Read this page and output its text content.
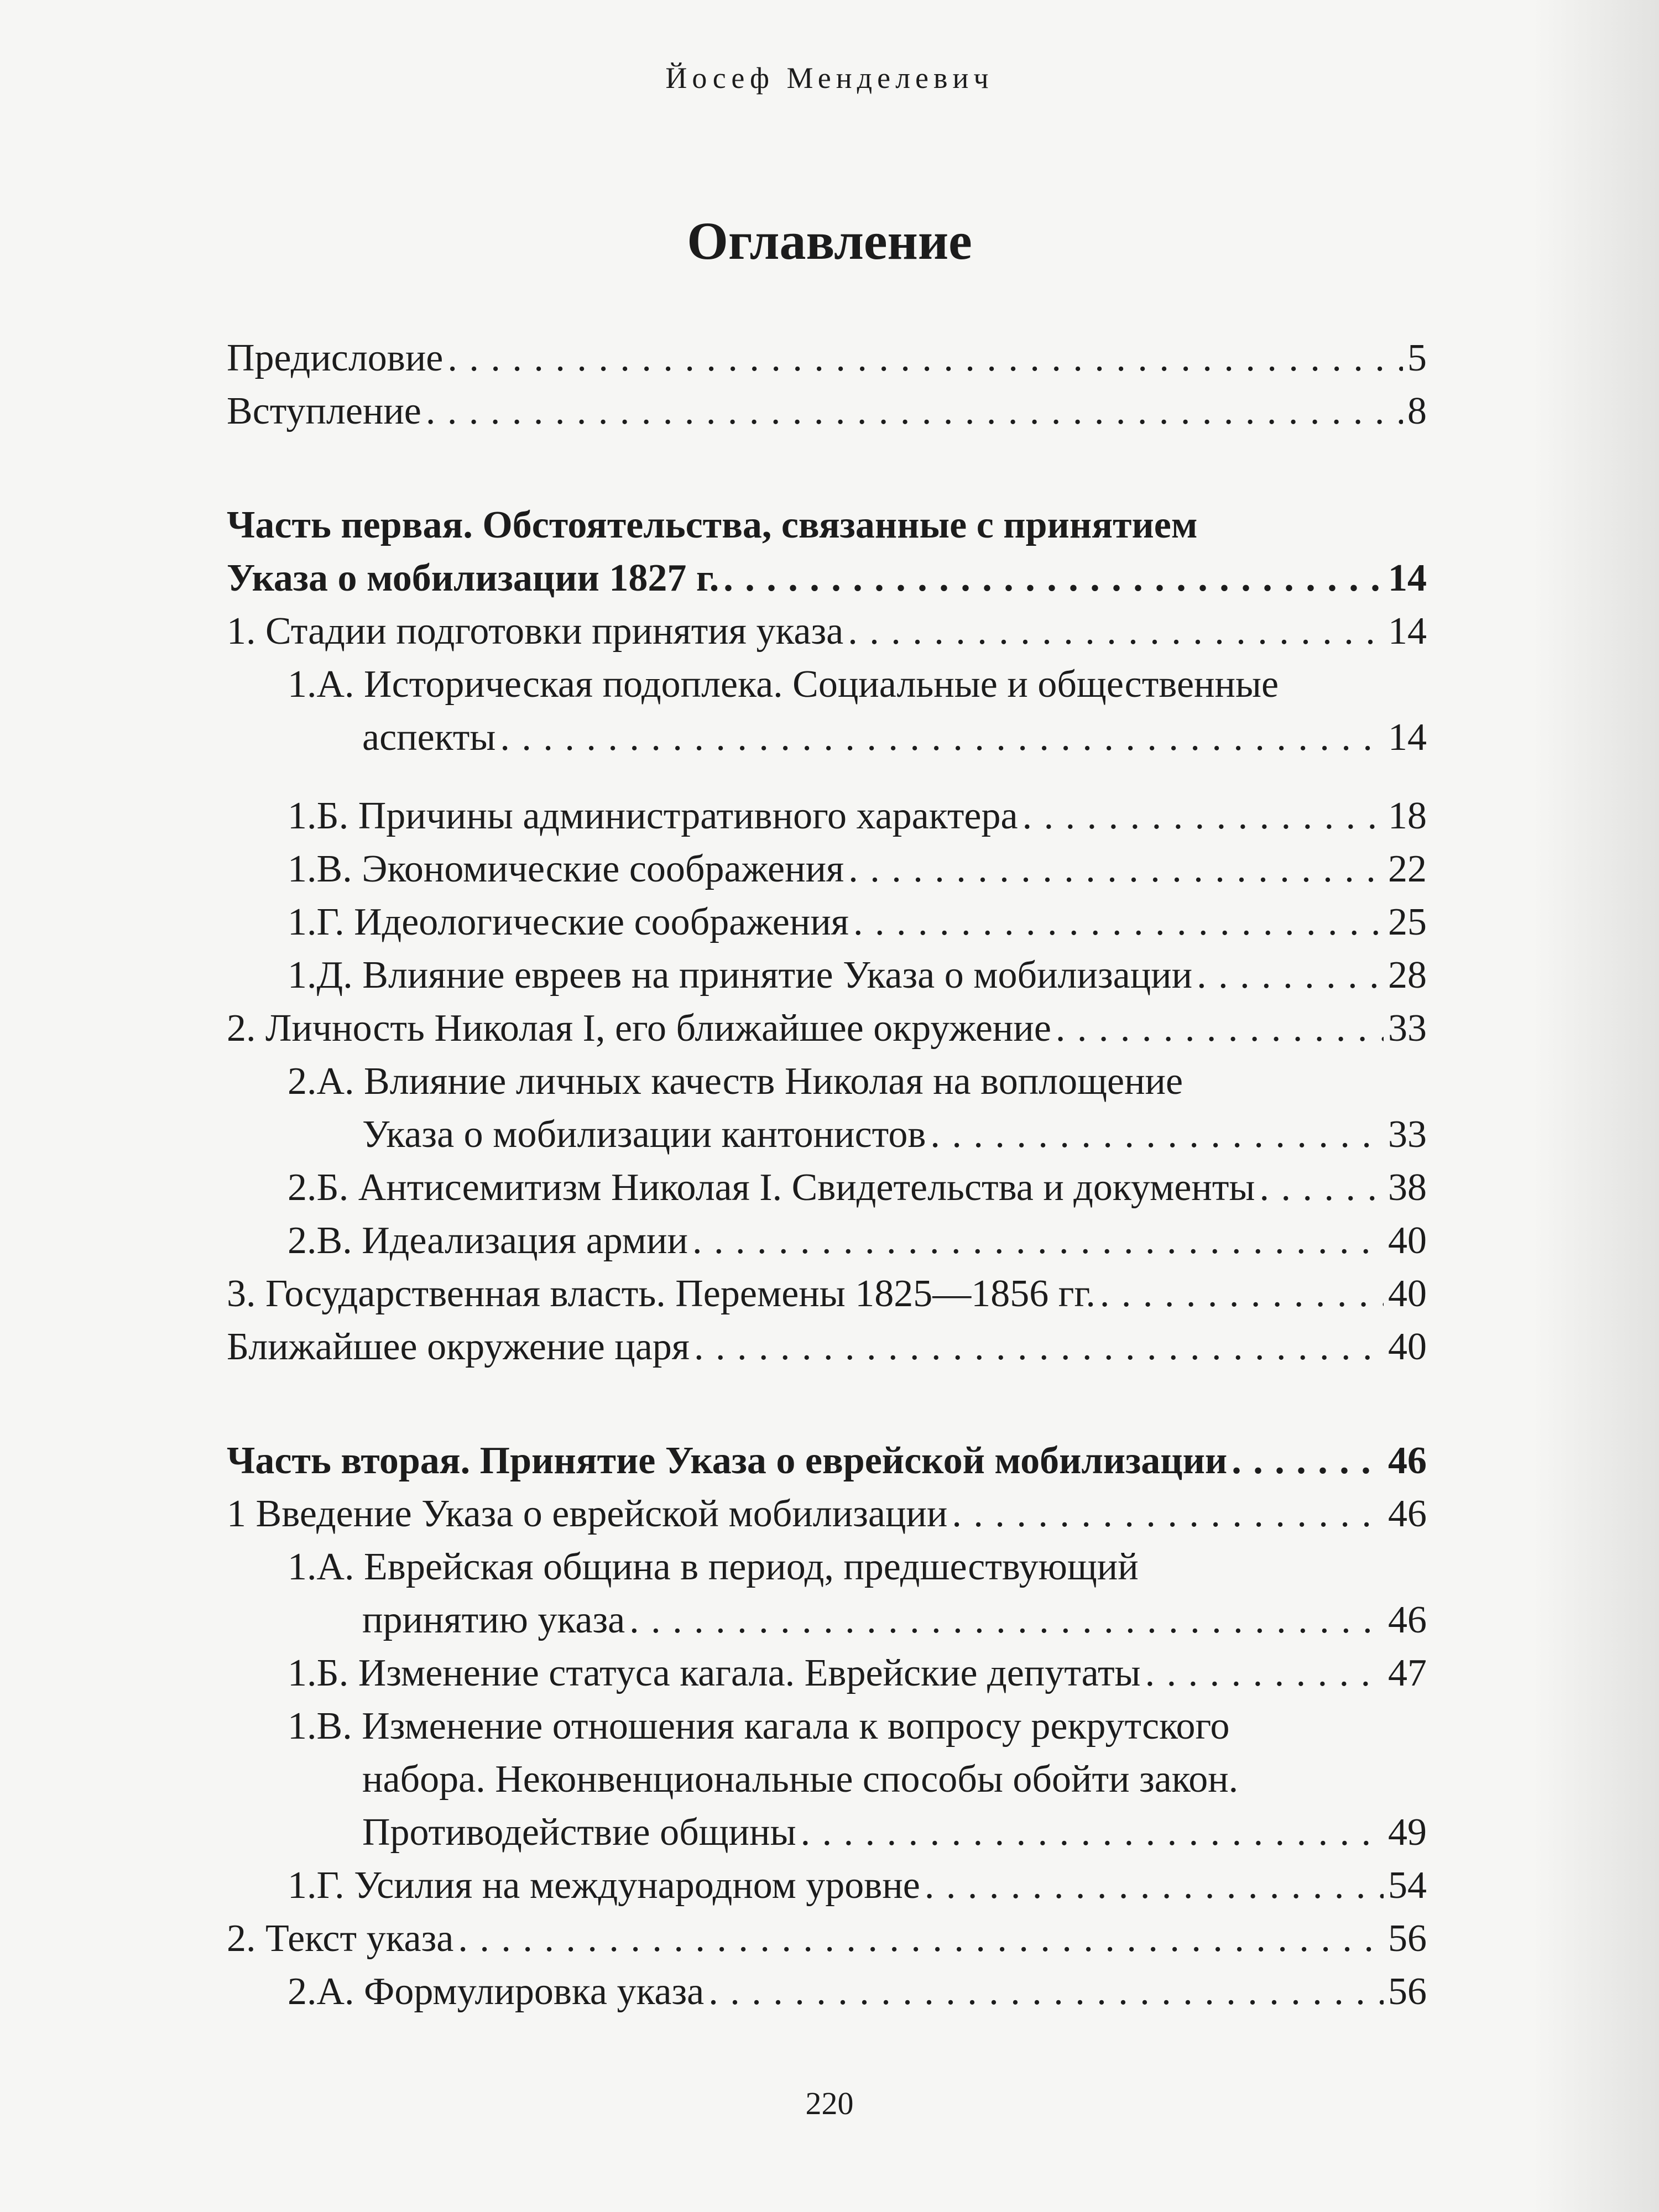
Йосеф Менделевич
Оглавление
Предисловие . . .	5
Вступление . . .	8
Часть первая. Обстоятельства, связанные с принятием
Указа о мобилизации 1827 г. . . .	14
1. Стадии подготовки принятия указа . . .	14
1.А. Историческая подоплека. Социальные и общественные
аспекты . . .	14
1.Б. Причины административного характера . . .	18
1.В. Экономические соображения . . .	22
1.Г. Идеологические соображения . . .	25
1.Д. Влияние евреев на принятие Указа о мобилизации . . .	28
2. Личность Николая I, его ближайшее окружение . . .	33
2.А. Влияние личных качеств Николая на воплощение
Указа о мобилизации кантонистов . . .	33
2.Б. Антисемитизм Николая I. Свидетельства и документы . . .	38
2.В. Идеализация армии . . .	40
3. Государственная власть. Перемены 1825—1856 гг. . . .	40
Ближайшее окружение царя . . .	40
Часть вторая. Принятие Указа о еврейской мобилизации . . .	46
1 Введение Указа о еврейской мобилизации . . .	46
1.А. Еврейская община в период, предшествующий
принятию указа . . .	46
1.Б. Изменение статуса кагала. Еврейские депутаты . . .	47
1.В. Изменение отношения кагала к вопросу рекрутского
набора. Неконвенциональные способы обойти закон.
Противодействие общины . . .	49
1.Г. Усилия на международном уровне . . .	54
2. Текст указа . . .	56
2.А. Формулировка указа . . .	56
220
